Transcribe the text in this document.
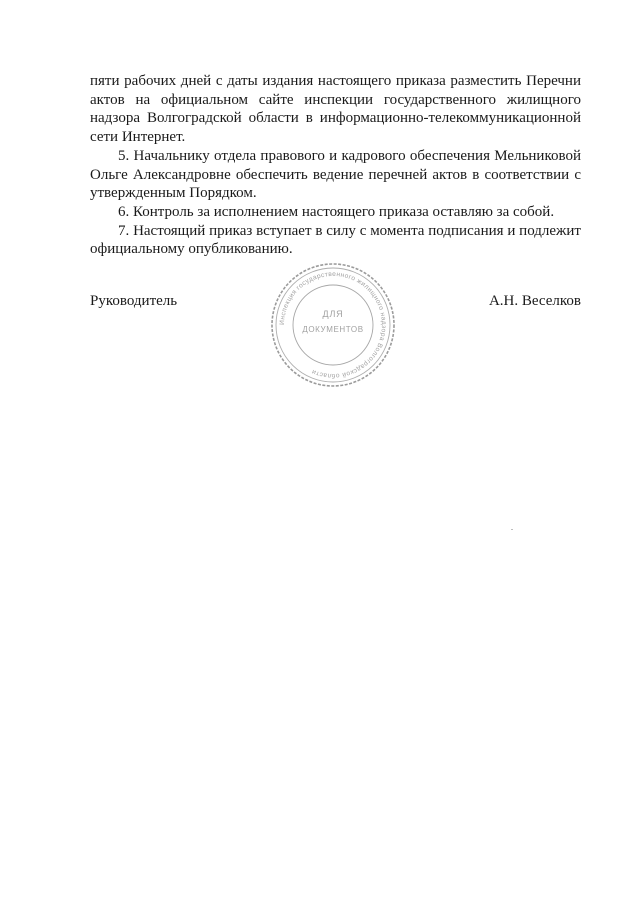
пяти рабочих дней с даты издания настоящего приказа разместить Перечни актов на официальном сайте инспекции государственного жилищного надзора Волгоградской области в информационно-телекоммуникационной сети Интернет.

5. Начальнику отдела правового и кадрового обеспечения Мельниковой Ольге Александровне обеспечить ведение перечней актов в соответствии с утвержденным Порядком.

6. Контроль за исполнением настоящего приказа оставляю за собой.

7. Настоящий приказ вступает в силу с момента подписания и подлежит официальному опубликованию.

Руководитель	А.Н. Веселков
Инспекция государственного жилищного надзора Волгоградской области
ДЛЯ
ДОКУМЕНТОВ
